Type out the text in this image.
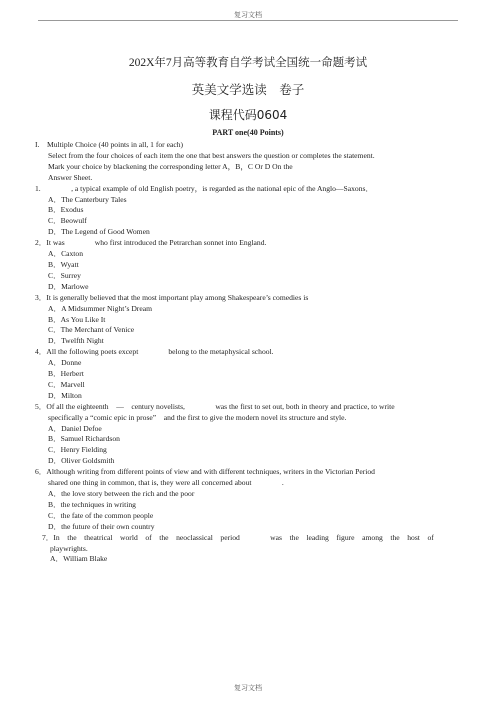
复习文档
202X年7月高等教育自学考试全国统一命题考试
英美文学选读　卷子
课程代码0604
PART one(40 Points)

I.　Multiple Choice (40 points in all, 1 for each)

Select from the four choices of each item the one that best answers the question or completes the statement.

Mark your choice by blackening the corresponding letter A，B，C Or D On the

Answer Sheet.

1.　　　　, a typical example of old English poetry，is regarded as the national epic of the Anglo—Saxons．

A．The Canterbury Tales

B．Exodus

C．Beowulf

D．The Legend of Good Women

2．It was	who first introduced the Petrarchan sonnet into England.

A．Caxton

B．Wyatt

C．Surrey

D．Marlowe

3．It is generally believed that the most important play among Shakespeare’s comedies is

A．A Midsummer Night’s Dream

B．As You Like It

C．The Merchant of Venice

D．Twelfth Night

4．All the following poets except	belong to the metaphysical school.

A．Donne

B．Herbert

C．Marvell

D．Milton

5．Of all the eighteenth　—　century novelists,　　　　was the first to set out, both in theory and practice, to write

specifically a “comic epic in prose”　and the first to give the modern novel its structure and style.

A．Daniel Defoe

B．Samuel Richardson

C．Henry Fielding

D．Oliver Goldsmith

6．Although writing from different points of view and with different techniques, writers in the Victorian Period

shared one thing in common, that is, they were all concerned about　　　　.

A．the love story between the rich and the poor

B．the techniques in writing

C．the fate of the common people

D．the future of their own country

7．In　the　theatrical　world　of　the　neoclassical　period　　　　was　the　leading　figure　among　the　host　of

playwrights.

A．William Blake

复习文档
